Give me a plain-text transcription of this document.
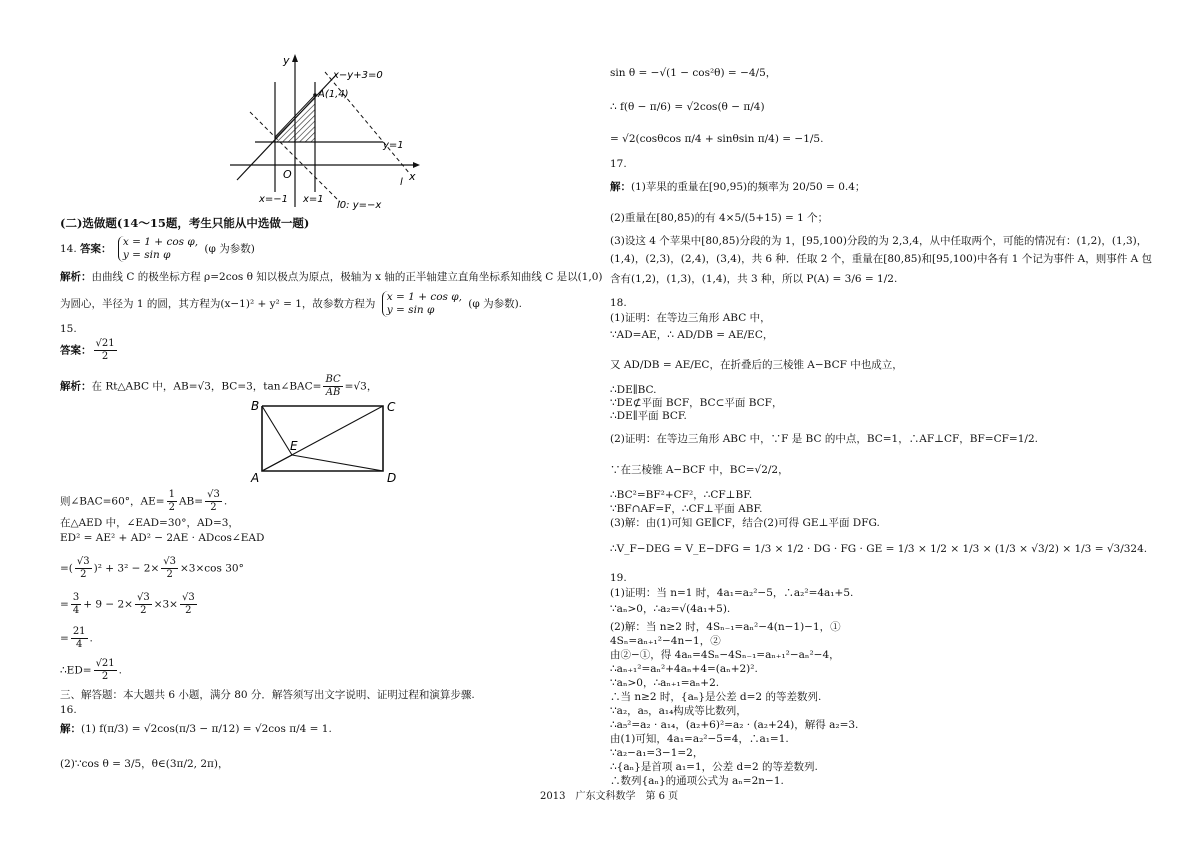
y
x
O
x−y+3=0
A(1,4)
y=1
l
x=−1 x=1
l0: y=−x
(二)选做题(14～15题，考生只能从中选做一题)
14. 答案：
x = 1 + cos φ,
y = sin φ	(φ 为参数)
解析：由曲线 C 的极坐标方程 ρ=2cos θ 知以极点为原点，极轴为 x 轴的正半轴建立直角坐标系知曲线 C 是以(1,0)
为圆心，半径为 1 的圆，其方程为(x−1)² + y² = 1，故参数方程为
x = 1 + cos φ,
y = sin φ	(φ 为参数).
15.
答案： $\frac{√21}{2}$
解析：在 Rt△ABC 中，AB=√3，BC=3，tan∠BAC= $\frac{BC}{AB} =√3$，
B	C
E
A	D
则∠BAC=60°，$AE= \frac{1}{2} AB= \frac{√3}{2}$ .
在△AED 中，∠EAD=30°，AD=3，
ED² = AE² + AD² − 2AE · ADcos∠EAD
=( $\frac{√3}{2} )^2 + 3^2 - 2\times \frac{√3}{2} \times 3\times\cos$ 30°
= $\frac{3}{4} + 9 - 2\times \frac{√3}{2} \times 3\times \frac{√3}{2}$
= $\frac{21}{4}$ .
∴ED= $\frac{√21}{2}$ .
三、解答题：本大题共 6 小题，满分 80 分．解答须写出文字说明、证明过程和演算步骤.
16.
解：(1) f(π/3) = √2cos(π/3 − π/12) = √2cos π/4 = 1.
(2)∵cos θ = 3/5，θ∈(3π/2, 2π)，
sin θ = −√(1 − cos²θ) = −4/5，
∴ f(θ − π/6) = √2cos(θ − π/4)
= √2(cosθcos π/4 + sinθsin π/4) = −1/5.
17.
解：(1)苹果的重量在[90,95)的频率为 20/50 = 0.4；
(2)重量在[80,85)的有 4×5/(5+15) = 1 个；
(3)设这 4 个苹果中[80,85)分段的为 1，[95,100)分段的为 2,3,4，从中任取两个，可能的情况有：(1,2)，(1,3)，
(1,4)，(2,3)，(2,4)，(3,4)，共 6 种．任取 2 个，重量在[80,85)和[95,100)中各有 1 个记为事件 A，则事件 A 包
含有(1,2)，(1,3)，(1,4)，共 3 种，所以 P(A) = 3/6 = 1/2.
18.
(1)证明：在等边三角形 ABC 中，
∵AD=AE，∴ AD/DB = AE/EC，
又 AD/DB = AE/EC，在折叠后的三棱锥 A−BCF 中也成立，
∴DE∥BC.
∵DE⊄平面 BCF，BC⊂平面 BCF，
∴DE∥平面 BCF.
(2)证明：在等边三角形 ABC 中，∵F 是 BC 的中点，BC=1，∴AF⊥CF，BF=CF=1/2.
∵在三棱锥 A−BCF 中，BC=√2/2，
∴BC²=BF²+CF²，∴CF⊥BF.
∵BF∩AF=F，∴CF⊥平面 ABF.
(3)解：由(1)可知 GE∥CF，结合(2)可得 GE⊥平面 DFG.
∴V_F−DEG = V_E−DFG = 1/3 × 1/2 · DG · FG · GE = 1/3 × 1/2 × 1/3 × (1/3 × √3/2) × 1/3 = √3/324.
19.
(1)证明：当 n=1 时，4a₁=a₂²−5，∴a₂²=4a₁+5.
∵aₙ>0，∴a₂=√(4a₁+5).
(2)解：当 n≥2 时，4Sₙ₋₁=aₙ²−4(n−1)−1，①
4Sₙ=aₙ₊₁²−4n−1，②
由②−①，得 4aₙ=4Sₙ−4Sₙ₋₁=aₙ₊₁²−aₙ²−4，
∴aₙ₊₁²=aₙ²+4aₙ+4=(aₙ+2)².
∵aₙ>0，∴aₙ₊₁=aₙ+2.
∴当 n≥2 时，{aₙ}是公差 d=2 的等差数列.
∵a₂，a₅，a₁₄构成等比数列，
∴a₅²=a₂ · a₁₄，(a₂+6)²=a₂ · (a₂+24)，解得 a₂=3.
由(1)可知，4a₁=a₂²−5=4，∴a₁=1.
∵a₂−a₁=3−1=2，
∴{aₙ}是首项 a₁=1，公差 d=2 的等差数列.
∴数列{aₙ}的通项公式为 aₙ=2n−1.
2013　广东文科数学　第 6 页
